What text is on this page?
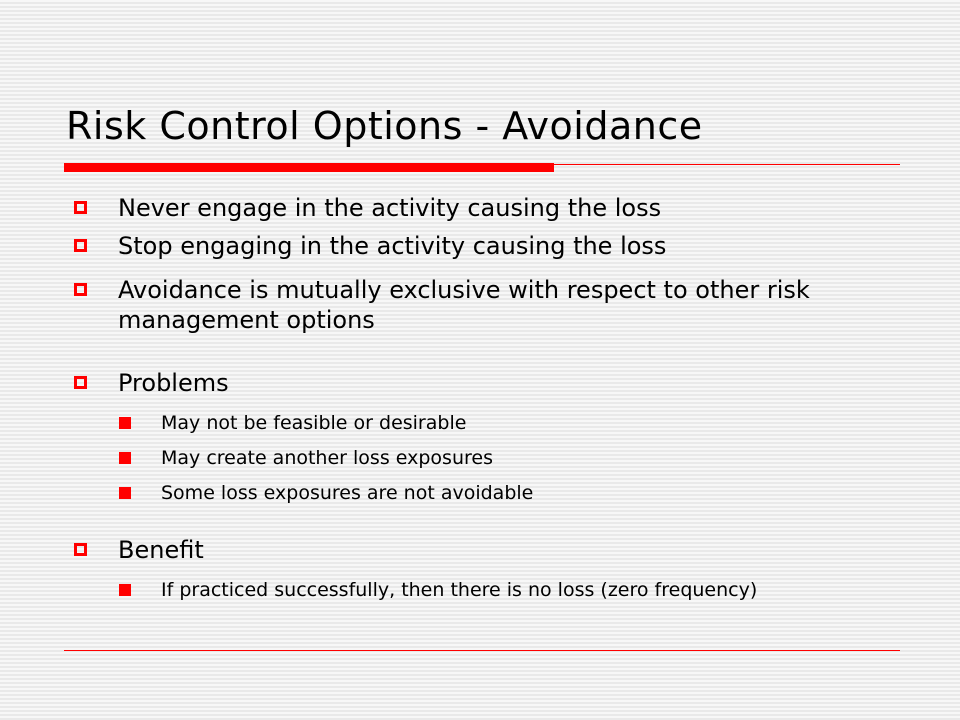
Risk Control Options - Avoidance
Never engage in the activity causing the loss
Stop engaging in the activity causing the loss
Avoidance is mutually exclusive with respect to other risk management options
Problems
May not be feasible or desirable
May create another loss exposures
Some loss exposures are not avoidable
Benefit
If practiced successfully, then there is no loss (zero frequency)
